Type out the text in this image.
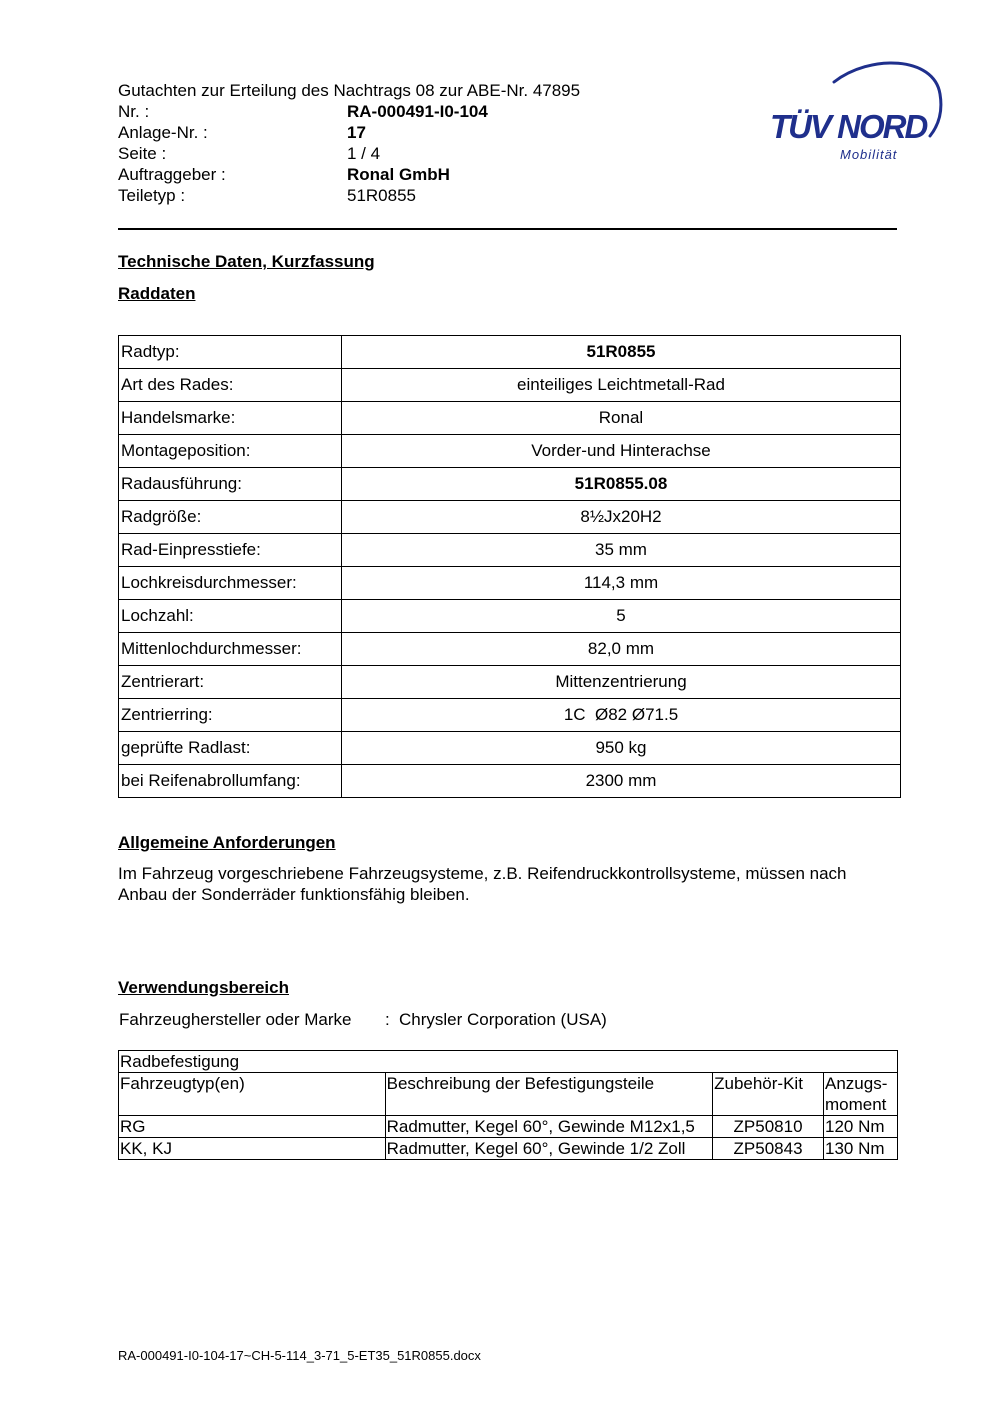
Gutachten zur Erteilung des Nachtrags 08 zur ABE-Nr. 47895
Nr. :	RA-000491-I0-104
Anlage-Nr. :	17
Seite :	1 / 4
Auftraggeber :	Ronal GmbH
Teiletyp :	51R0855
TÜV NORD
Mobilität
Technische Daten, Kurzfassung
Raddaten
Radtyp:	51R0855
Art des Rades:	einteiliges Leichtmetall-Rad
Handelsmarke:	Ronal
Montageposition:	Vorder-und Hinterachse
Radausführung:	51R0855.08
Radgröße:	8½Jx20H2
Rad-Einpresstiefe:	35 mm
Lochkreisdurchmesser:	114,3 mm
Lochzahl:	5
Mittenlochdurchmesser:	82,0 mm
Zentrierart:	Mittenzentrierung
Zentrierring:	1C  Ø82 Ø71.5
geprüfte Radlast:	950 kg
bei Reifenabrollumfang:	2300 mm
Allgemeine Anforderungen
Im Fahrzeug vorgeschriebene Fahrzeugsysteme, z.B. Reifendruckkontrollsysteme, müssen nach Anbau der Sonderräder funktionsfähig bleiben.
Verwendungsbereich
Fahrzeughersteller oder Marke	: Chrysler Corporation (USA)
Radbefestigung			
Fahrzeugtyp(en)	Beschreibung der Befestigungsteile	Zubehör-Kit	Anzugs-moment
RG	Radmutter, Kegel 60°, Gewinde M12x1,5	ZP50810	120 Nm
KK, KJ	Radmutter, Kegel 60°, Gewinde 1/2 Zoll	ZP50843	130 Nm
RA-000491-I0-104-17~CH-5-114_3-71_5-ET35_51R0855.docx
